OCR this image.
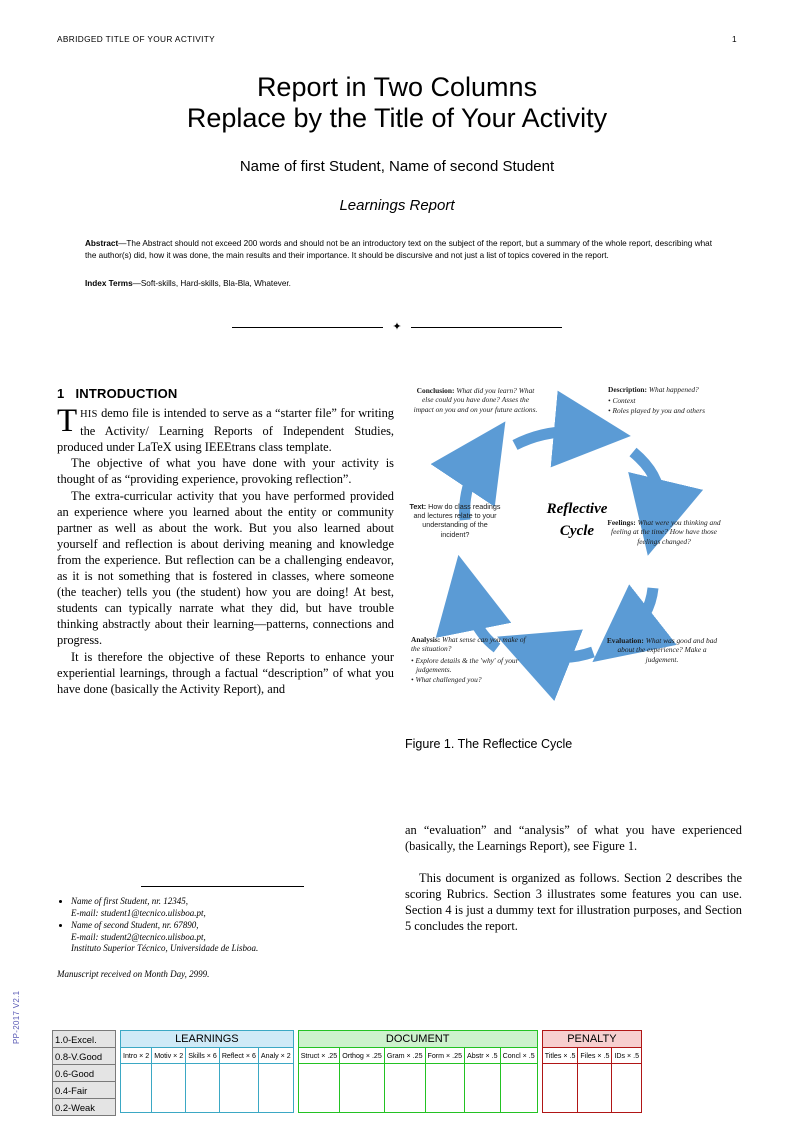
1
ABRIDGED TITLE OF YOUR ACTIVITY
Report in Two Columns
Replace by the Title of Your Activity
Name of first Student, Name of second Student
Learnings Report
Abstract—The Abstract should not exceed 200 words and should not be an introductory text on the subject of the report, but a summary of the whole report, describing what the author(s) did, how it was done, the main results and their importance. It should be discursive and not just a list of topics covered in the report.
Index Terms—Soft-skills, Hard-skills, Bla-Bla, Whatever.
✦
1 INTRODUCTION

THIS demo file is intended to serve as a “starter file” for writing the Activity/ Learning Reports of Independent Studies, produced under LaTeX using IEEEtrans class template.

The objective of what you have done with your activity is thought of as “providing experience, provoking reflection”.

The extra-curricular activity that you have performed provided an experience where you learned about the entity or community partner as well as about the work. But you also learned about yourself and reflection is about deriving meaning and knowledge from the experience. But reflection can be a challenging endeavor, as it is not something that is fostered in classes, where someone (the teacher) tells you (the student) how you are doing! At best, students can typically narrate what they did, but have trouble thinking abstractly about their learning—patterns, connections and progress.

It is therefore the objective of these Reports to enhance your experiential learnings, through a factual “description” of what you have done (basically the Activity Report), and

• Name of first Student, nr. 12345,
E-mail: student1@tecnico.ulisboa.pt,
• Name of second Student, nr. 67890,
E-mail: student2@tecnico.ulisboa.pt,
Instituto Superior Técnico, Universidade de Lisboa.
Manuscript received on Month Day, 2999.
Conclusion: What did you learn? What else could you have done? Asses the impact on you and on your future actions.
Description: What happened?
• Context
• Roles played by you and others
Feelings: What were you thinking and feeling at the time? How have those feelings changed?
Evaluation: What was good and bad about the experience? Make a judgement.
Analysis: What sense can you make of the situation?
• Explore details & the 'why' of your judgements.
• What challenged you?
Text: How do class readings and lectures relate to your understanding of the incident?
Reflective
Cycle
Figure 1. The Reflectice Cycle

an “evaluation” and “analysis” of what you have experienced (basically, the Learnings Report), see Figure 1.

This document is organized as follows. Section 2 describes the scoring Rubrics. Section 3 illustrates some features you can use. Section 4 is just a dummy text for illustration purposes, and Section 5 concludes the report.

PP-2017 V2.1	1.0-Excel.
0.8-V.Good
0.6-Good
0.4-Fair
0.2-Weak

LEARNINGS
Intro × 2	Motiv × 2	Skills × 6	Reflect × 6	Analy × 2

DOCUMENT
Struct × .25	Orthog × .25	Gram × .25	Form × .25	Abstr × .5	Concl × .5

PENALTY
Titles × .5	Files × .5	IDs × .5
